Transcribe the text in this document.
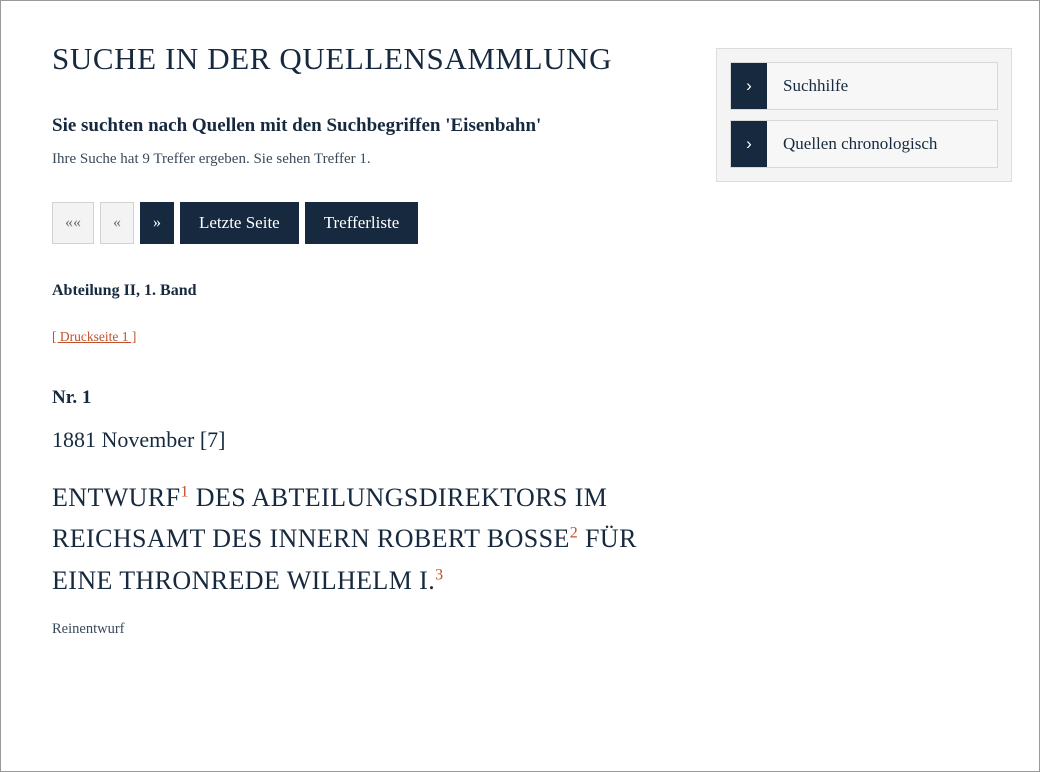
SUCHE IN DER QUELLENSAMMLUNG
Sie suchten nach Quellen mit den Suchbegriffen 'Eisenbahn'
Ihre Suche hat 9 Treffer ergeben. Sie sehen Treffer 1.
««	«	»	Letzte Seite	Trefferliste
Abteilung II, 1. Band
[ Druckseite 1 ]
Nr. 1
1881 November [7]
ENTWURF$^1$ DES ABTEILUNGSDIREKTORS IM REICHSAMT DES INNERN ROBERT BOSSE$^2$ FÜR EINE THRONREDE WILHELM I.$^3$
Reinentwurf
›	Suchhilfe
›	Quellen chronologisch
